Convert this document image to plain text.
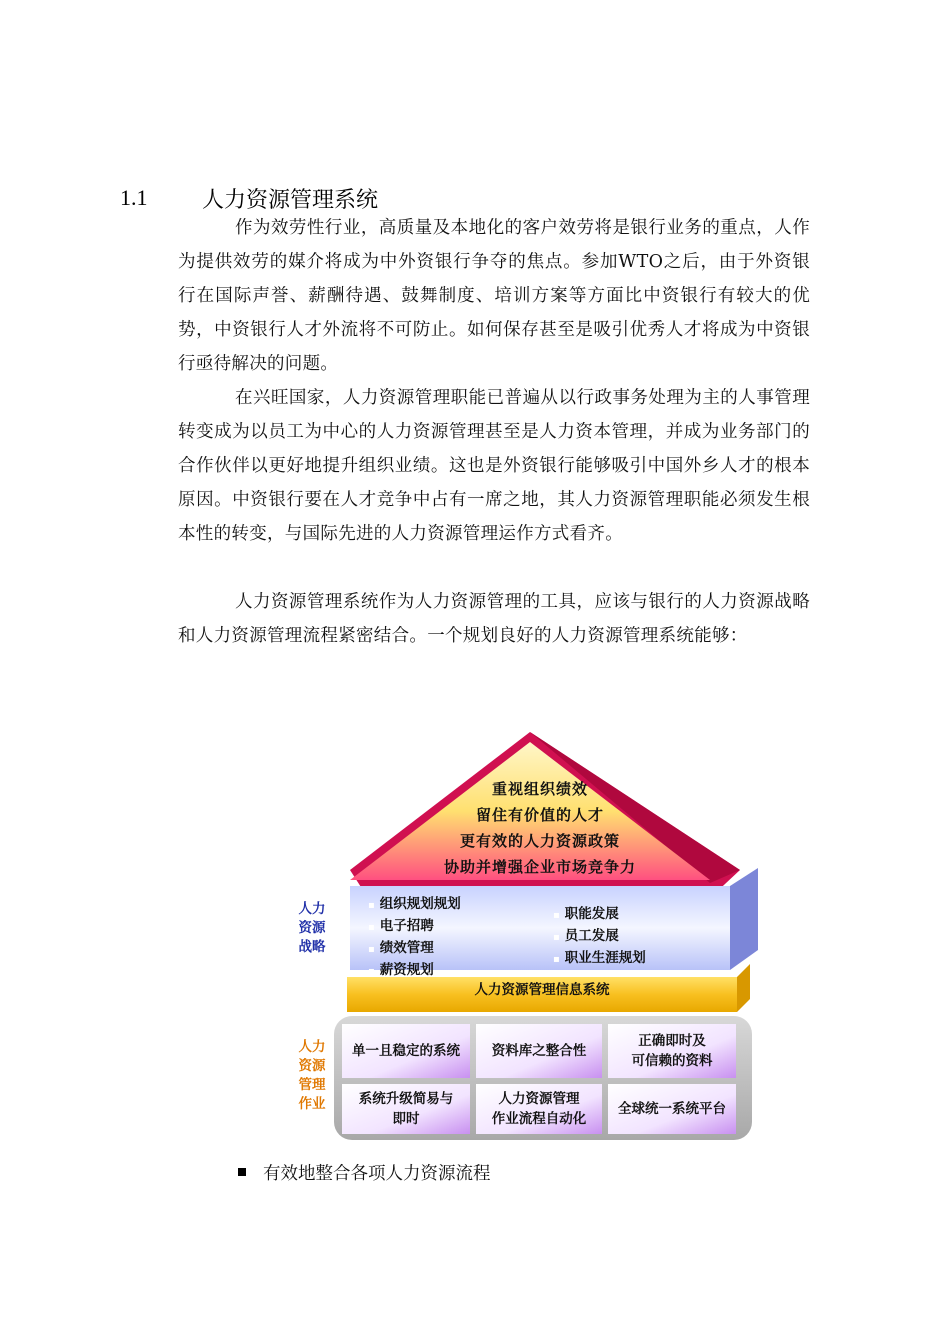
1.1 人力资源管理系统

作为效劳性行业，高质量及本地化的客户效劳将是银行业务的重点，人作为提供效劳的媒介将成为中外资银行争夺的焦点。参加WTO之后，由于外资银行在国际声誉、薪酬待遇、鼓舞制度、培训方案等方面比中资银行有较大的优势，中资银行人才外流将不可防止。如何保存甚至是吸引优秀人才将成为中资银行亟待解决的问题。

在兴旺国家，人力资源管理职能已普遍从以行政事务处理为主的人事管理转变成为以员工为中心的人力资源管理甚至是人力资本管理，并成为业务部门的合作伙伴以更好地提升组织业绩。这也是外资银行能够吸引中国外乡人才的根本原因。中资银行要在人才竞争中占有一席之地，其人力资源管理职能必须发生根本性的转变，与国际先进的人力资源管理运作方式看齐。

人力资源管理系统作为人力资源管理的工具，应该与银行的人力资源战略和人力资源管理流程紧密结合。一个规划良好的人力资源管理系统能够：

重视组织绩效
留住有价值的人才
更有效的人力资源政策
协助并增强企业市场竞争力
人力
资源
战略
▪ 组织规划规划
▪ 电子招聘
▪ 绩效管理
▪ 薪资规划
▪ 职能发展
▪ 员工发展
▪ 职业生涯规划
人力资源管理信息系统
人力
资源
管理
作业
单一且稳定的系统	资料库之整合性
正确即时及
可信赖的资料
系统升级简易与
即时
人力资源管理
作业流程自动化
全球统一系统平台
有效地整合各项人力资源流程
